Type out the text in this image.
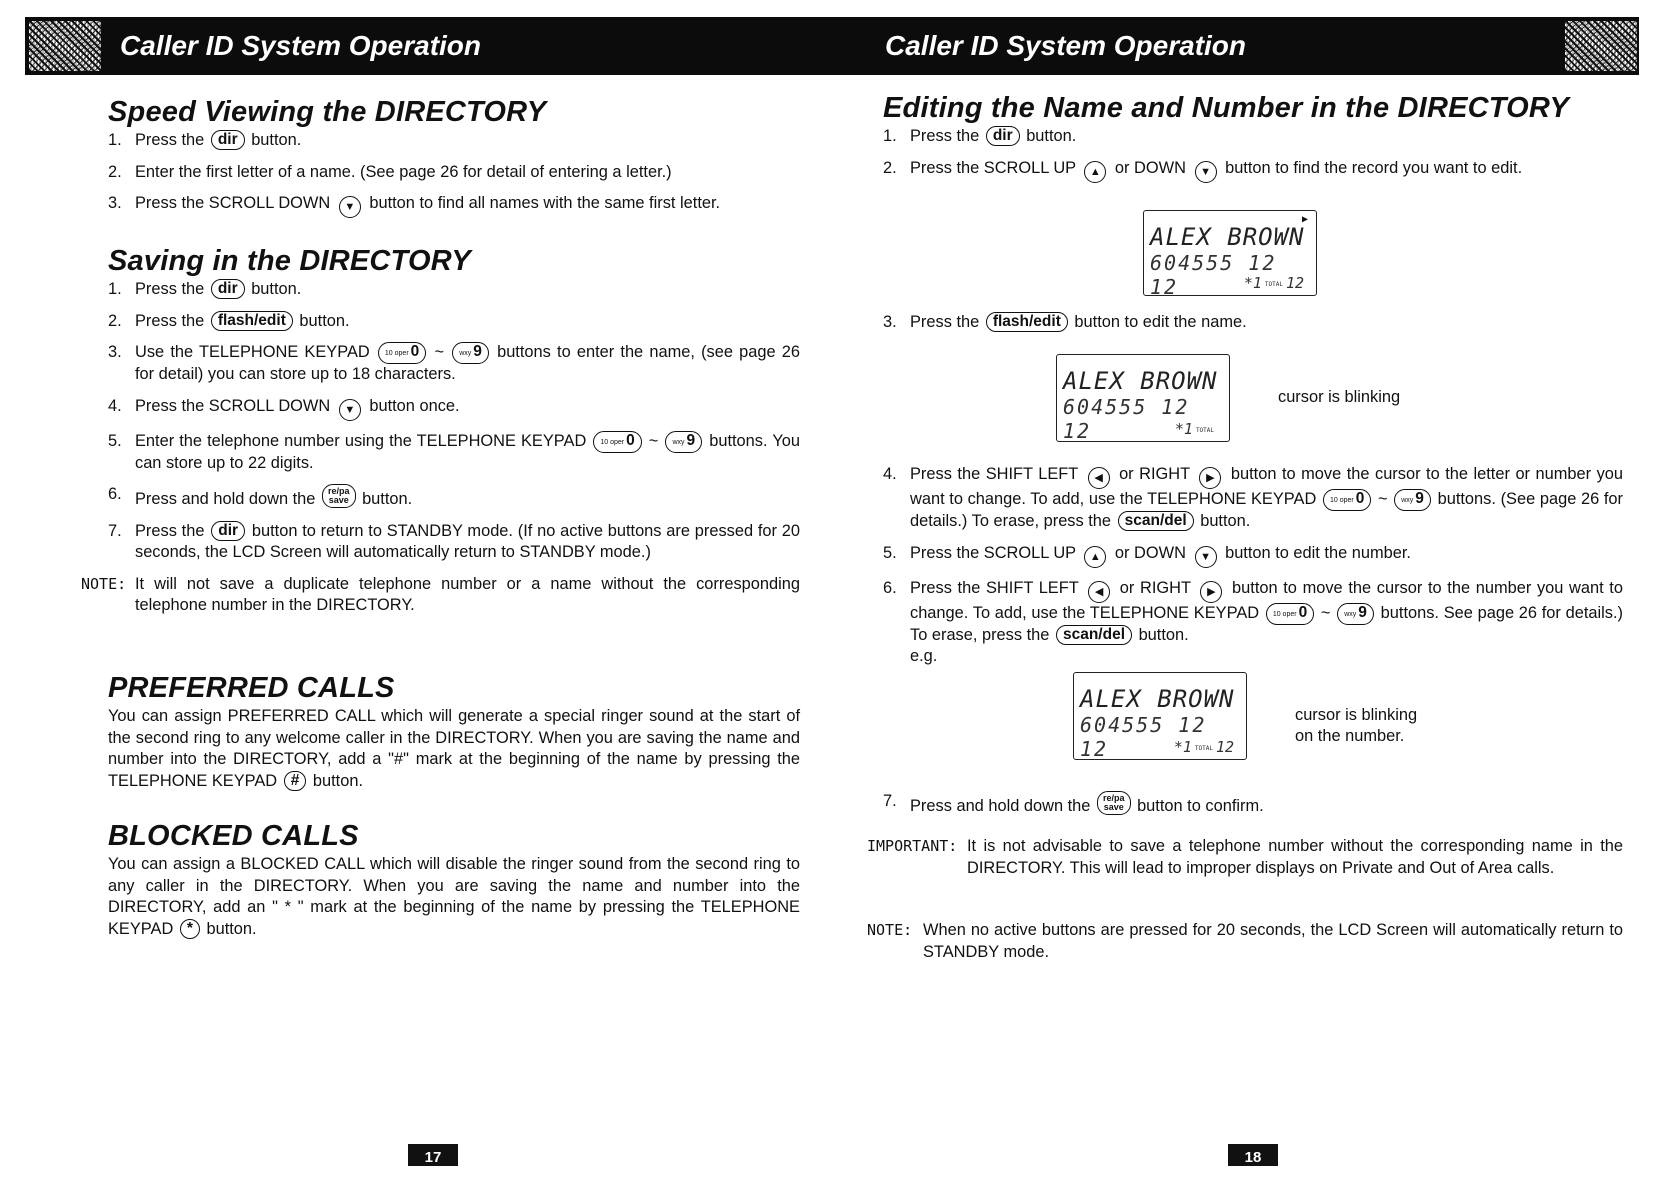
Caller ID System Operation
Speed Viewing the DIRECTORY
1. Press the dir button.
2. Enter the first letter of a name. (See page 26 for detail of entering a letter.)
3. Press the SCROLL DOWN ▼ button to find all names with the same first letter.
Saving in the DIRECTORY
1. Press the dir button.
2. Press the flash/edit button.
3. Use the TELEPHONE KEYPAD 10 oper 0 ~ wxy 9 buttons to enter the name, (see page 26 for detail) you can store up to 18 characters.
4. Press the SCROLL DOWN ▼ button once.
5. Enter the telephone number using the TELEPHONE KEYPAD 10 oper 0 ~ wxy 9 buttons. You can store up to 22 digits.
6. Press and hold down the re/pa
save button.
7. Press the dir button to return to STANDBY mode. (If no active buttons are pressed for 20 seconds, the LCD Screen will automatically return to STANDBY mode.)
NOTE: It will not save a duplicate telephone number or a name without the corresponding telephone number in the DIRECTORY.
PREFERRED CALLS

You can assign PREFERRED CALL which will generate a special ringer sound at the start of the second ring to any welcome caller in the DIRECTORY. When you are saving the name and number into the DIRECTORY, add a "#" mark at the beginning of the name by pressing the TELEPHONE KEYPAD # button.

BLOCKED CALLS

You can assign a BLOCKED CALL which will disable the ringer sound from the second ring to any caller in the DIRECTORY. When you are saving the name and number into the DIRECTORY, add an " * " mark at the beginning of the name by pressing the TELEPHONE KEYPAD * button.

17
Caller ID System Operation
Editing the Name and Number in the DIRECTORY
1. Press the dir button.
2. Press the SCROLL UP ▲ or DOWN ▼ button to find the record you want to edit.
▶
ALEX BROWN
604555 12 12	*1 TOTAL 12
3. Press the flash/edit button to edit the name.
ALEX BROWN
604555 12 12	*1 TOTAL
cursor is blinking
4. Press the SHIFT LEFT ◀ or RIGHT ▶ button to move the cursor to the letter or number you want to change. To add, use the TELEPHONE KEYPAD 10 oper 0 ~ wxy 9 buttons. (See page 26 for details.) To erase, press the scan/del button.
5. Press the SCROLL UP ▲ or DOWN ▼ button to edit the number.
6. Press the SHIFT LEFT ◀ or RIGHT ▶ button to move the cursor to the number you want to change. To add, use the TELEPHONE KEYPAD 10 oper 0 ~ wxy 9 buttons. See page 26 for details.) To erase, press the scan/del button.
e.g.
ALEX BROWN
604555 12 12	*1 TOTAL 12
cursor is blinking
on the number.
7. Press and hold down the re/pa
save button to confirm.
IMPORTANT: It is not advisable to save a telephone number without the corresponding name in the DIRECTORY. This will lead to improper displays on Private and Out of Area calls.
NOTE: When no active buttons are pressed for 20 seconds, the LCD Screen will automatically return to STANDBY mode.
18
